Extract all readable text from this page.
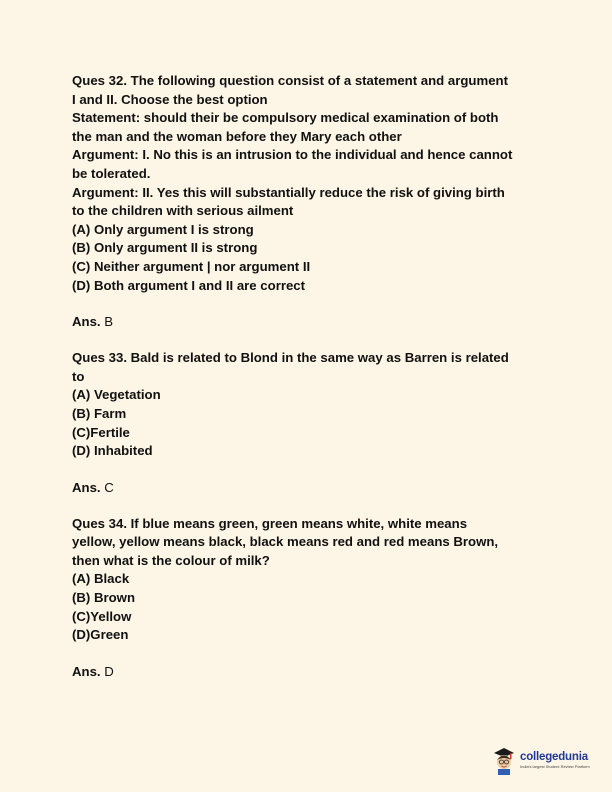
Ques 32. The following question consist of a statement and argument

I and II. Choose the best option

Statement: should their be compulsory medical examination of both

the man and the woman before they Mary each other

Argument: I. No this is an intrusion to the individual and hence cannot

be tolerated.

Argument: II. Yes this will substantially reduce the risk of giving birth

to the children with serious ailment

(A) Only argument I is strong

(B) Only argument II is strong

(C) Neither argument | nor argument II

(D) Both argument I and II are correct

Ans. B

Ques 33. Bald is related to Blond in the same way as Barren is related

to

(A) Vegetation

(B) Farm

(C)Fertile

(D) Inhabited

Ans. C

Ques 34. If blue means green, green means white, white means

yellow, yellow means black, black means red and red means Brown,

then what is the colour of milk?

(A) Black

(B) Brown

(C)Yellow

(D)Green

Ans. D
collegedunia
India's largest Student Review Platform
